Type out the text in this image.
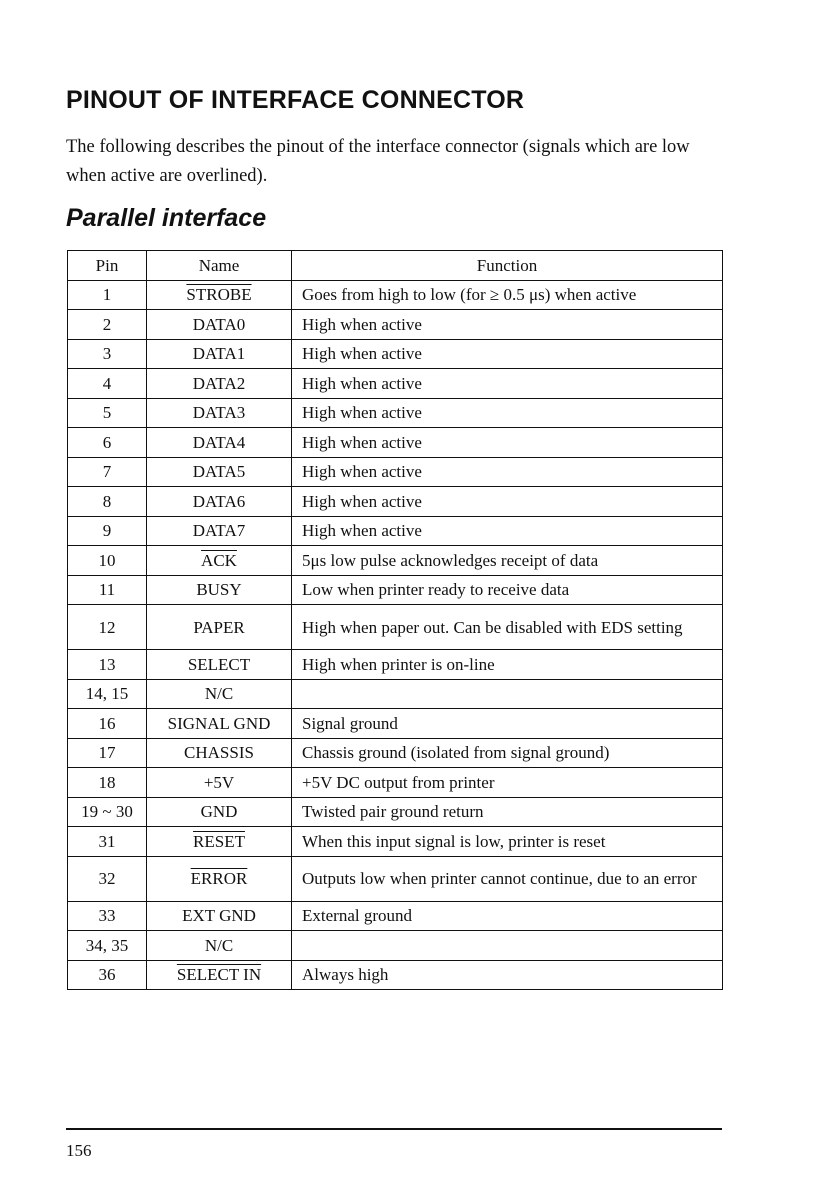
PINOUT OF INTERFACE CONNECTOR

The following describes the pinout of the interface connector (signals which are low when active are overlined).

Parallel interface
Pin	Name	Function
1	STROBE	Goes from high to low (for ≥ 0.5 μs) when active
2	DATA0	High when active
3	DATA1	High when active
4	DATA2	High when active
5	DATA3	High when active
6	DATA4	High when active
7	DATA5	High when active
8	DATA6	High when active
9	DATA7	High when active
10	$\overline{ACK}$	5μs low pulse acknowledges receipt of data
11	BUSY	Low when printer ready to receive data
12	PAPER	High when paper out. Can be disabled with EDS setting
13	SELECT	High when printer is on-line
14, 15	N/C	
16	SIGNAL GND	Signal ground
17	CHASSIS	Chassis ground (isolated from signal ground)
18	+5V	+5V DC output from printer
19 ~ 30	GND	Twisted pair ground return
31	RESET	When this input signal is low, printer is reset
32	ERROR	Outputs low when printer cannot continue, due to an error
33	EXT GND	External ground
34, 35	N/C	
36	SELECT IN	Always high
156
